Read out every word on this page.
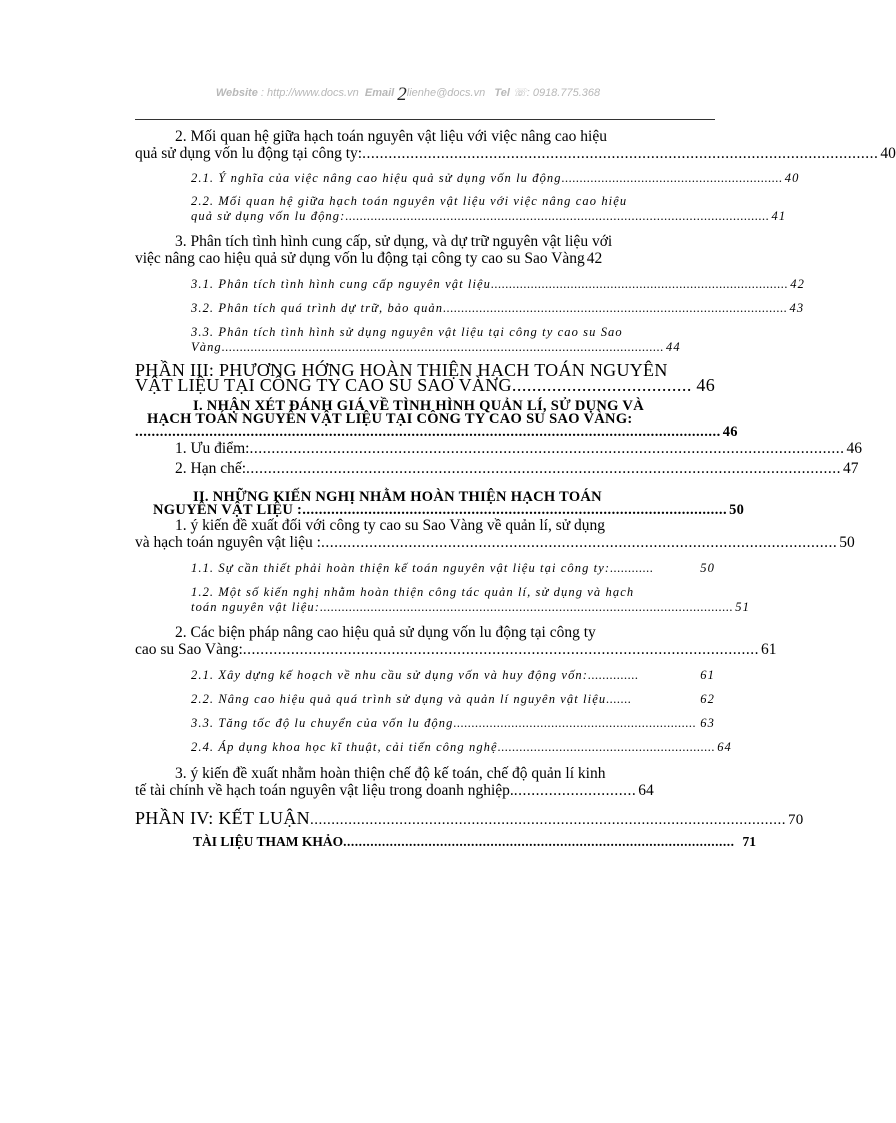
Website : http://www.docs.vn Email 2lienhe@docs.vn Tel ☏: 0918.775.368
2. Mối quan hệ giữa hạch toán nguyên vật liệu với việc nâng cao hiệu
quả sử dụng vốn lu động tại công ty:...................................................................................................................... 40
2.1. Ý nghĩa của việc nâng cao hiệu quả sử dụng vốn lu động ............................................................. 40
2.2. Mối quan hệ giữa hạch toán nguyên vật liệu với việc nâng cao hiệu
quả sử dụng vốn lu động:..................................................................................................................... 41
3. Phân tích tình hình cung cấp, sử dụng, và dự trữ nguyên vật liệu với
việc nâng cao hiệu quả sử dụng vốn lu động tại công ty cao su Sao Vàng 42
3.1. Phân tích tình hình cung cấp nguyên vật liệu .................................................................................. 42
3.2. Phân tích quá trình dự trữ, bảo quản ............................................................................................... 43
3.3. Phân tích tình hình sử dụng nguyên vật liệu tại công ty cao su Sao
Vàng.......................................................................................................................... 44
PHẦN III: PHƯƠNG HỚNG HOÀN THIỆN HẠCH TOÁN NGUYÊN
VẬT LIỆU TẠI CÔNG TY CAO SU SAO VÀNG .................................... 46
I. NHẬN XÉT ĐÁNH GIÁ VỀ TÌNH HÌNH QUẢN LÍ, SỬ DỤNG VÀ
HẠCH TOÁN NGUYÊN VẬT LIỆU TẠI CÔNG TY CAO SU SAO VÀNG:
.............................................................................................................................................. 46
1. Ưu điểm: ........................................................................................................................................ 46
2. Hạn chế: ........................................................................................................................................ 47
II. NHỮNG KIẾN NGHỊ NHẰM HOÀN THIỆN HẠCH TOÁN
NGUYÊN VẬT LIỆU : ....................................................................................................... 50
1. ý kiến đề xuất đối với công ty cao su Sao Vàng về quản lí, sử dụng
và hạch toán nguyên vật liệu :...................................................................................................................... 50
1.1. Sự cần thiết phải hoàn thiện kế toán nguyên vật liệu tại công ty: ............	50
1.2. Một số kiến nghị nhằm hoàn thiện công tác quản lí, sử dụng và hạch
toán nguyên vật liệu:.................................................................................................................. 51
2. Các biện pháp nâng cao hiệu quả sử dụng vốn lu động tại công ty
cao su Sao Vàng:...................................................................................................................... 61
2.1. Xây dựng kế hoạch về nhu cầu sử dụng vốn và huy động vốn: ..............	61
2.2. Nâng cao hiệu quả quá trình sử dụng và quản lí nguyên vật liệu .......	62
3.3. Tăng tốc độ lu chuyển của vốn lu động ................................................................... 63
2.4. Áp dụng khoa học kĩ thuật, cải tiến công nghệ ............................................................ 64
3. ý kiến đề xuất nhằm hoàn thiện chế độ kế toán, chế độ quản lí kinh
tế tài chính về hạch toán nguyên vật liệu trong doanh nghiệp............................. 64
PHẦN IV: KẾT LUẬN ................................................................................................................ 70
TÀI LIỆU THAM KHẢO ..................................................................................................... 71
